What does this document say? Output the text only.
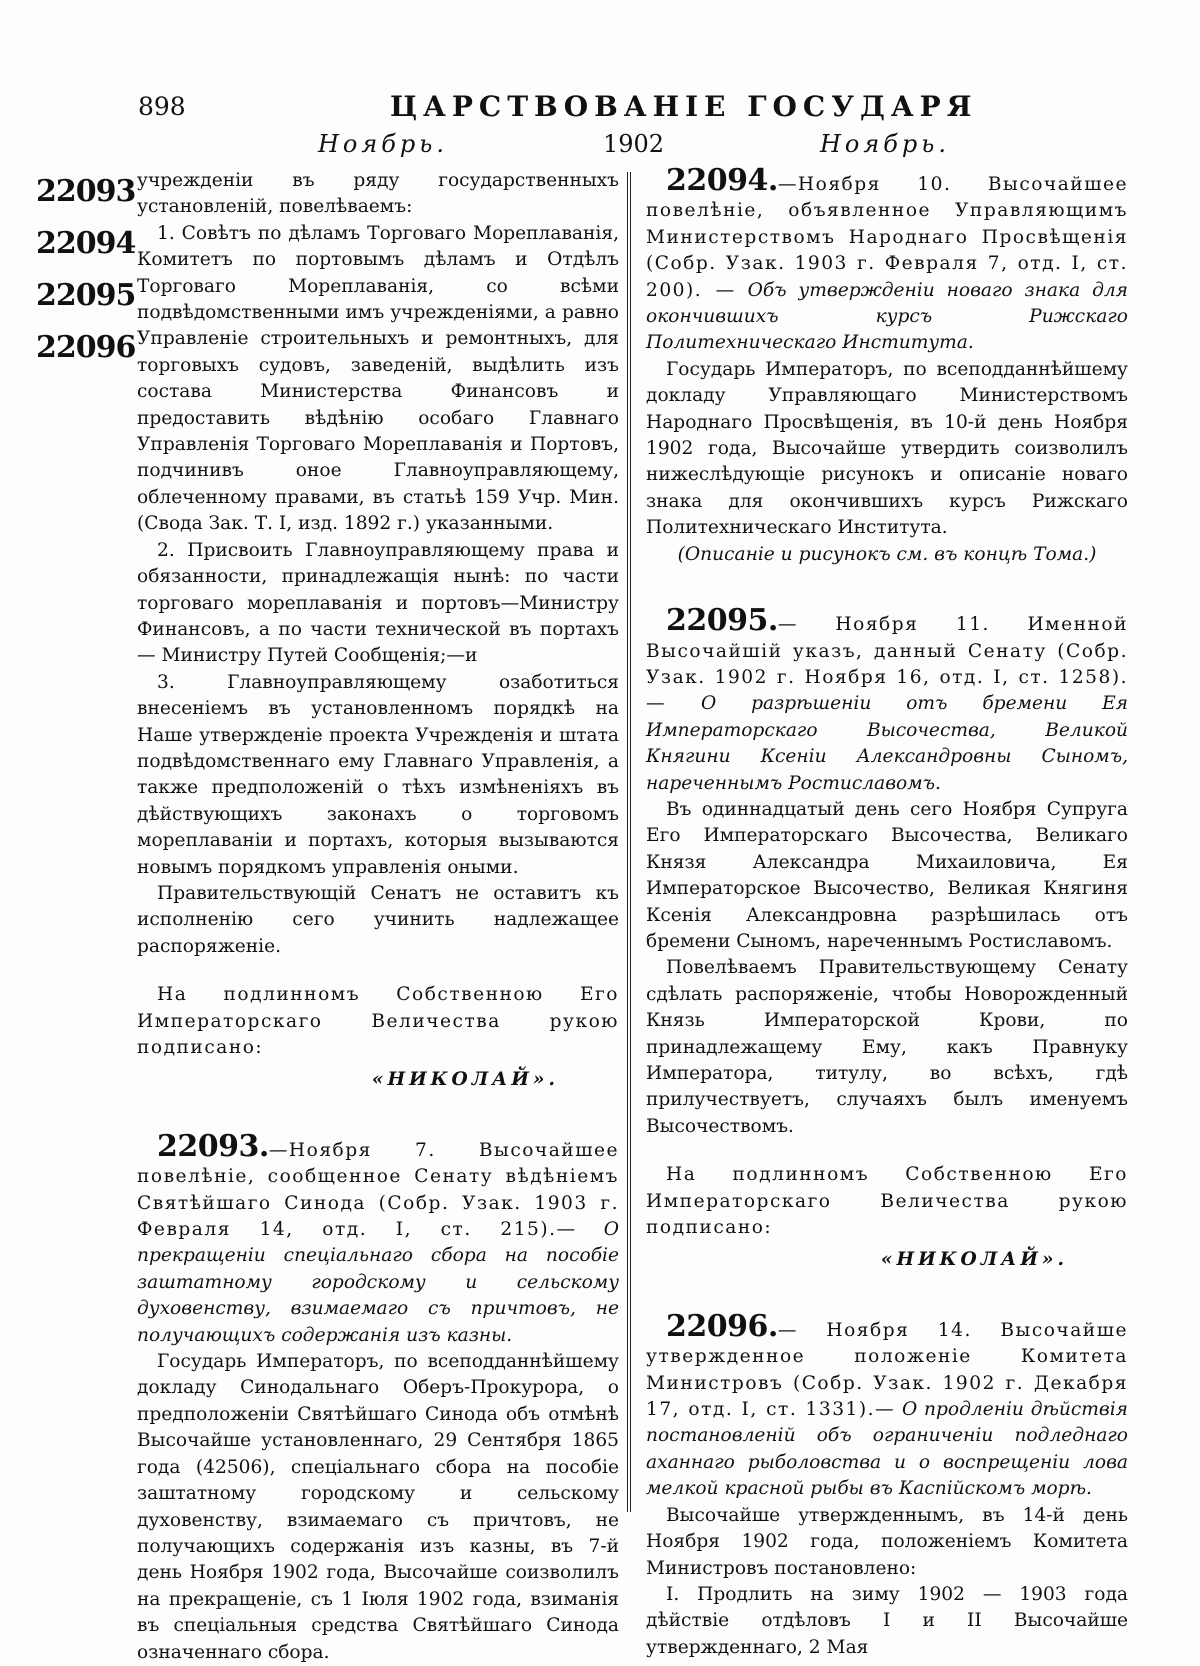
898	ЦАРСТВОВАНІЕ ГОСУДАРЯ
Ноябрь.	1902	Ноябрь.
22093
22094
22095
22096

учрежденіи въ ряду государственныхъ установленій, повелѣваемъ:

1. Совѣтъ по дѣламъ Торговаго Мореплаванія, Комитетъ по портовымъ дѣламъ и Отдѣлъ Торговаго Мореплаванія, со всѣми подвѣдомственными имъ учрежденіями, а равно Управленіе строительныхъ и ремонтныхъ, для торговыхъ судовъ, заведеній, выдѣлить изъ состава Министерства Финансовъ и предоставить вѣдѣнію особаго Главнаго Управленія Торговаго Мореплаванія и Портовъ, подчинивъ оное Главноуправляющему, облеченному правами, въ статьѣ 159 Учр. Мин. (Свода Зак. Т. I, изд. 1892 г.) указанными.

2. Присвоить Главноуправляющему права и обязанности, принадлежащія нынѣ: по части торговаго мореплаванія и портовъ—Министру Финансовъ, а по части технической въ портахъ — Министру Путей Сообщенія;—и

3. Главноуправляющему озаботиться внесеніемъ въ установленномъ порядкѣ на Наше утвержденіе проекта Учрежденія и штата подвѣдомственнаго ему Главнаго Управленія, а также предположеній о тѣхъ измѣненіяхъ въ дѣйствующихъ законахъ о торговомъ мореплаваніи и портахъ, которыя вызываются новымъ порядкомъ управленія оными.

Правительствующій Сенатъ не оставитъ къ исполненію сего учинить надлежащее распоряженіе.

На подлинномъ Собственною Его Императорскаго Величества рукою подписано:

«НИКОЛАЙ».

22093.—Ноября 7. Высочайшее повелѣніе, сообщенное Сенату вѣдѣніемъ Святѣйшаго Синода (Собр. Узак. 1903 г. Февраля 14, отд. I, ст. 215).— О прекращеніи спеціальнаго сбора на пособіе заштатному городскому и сельскому духовенству, взимаемаго съ причтовъ, не получающихъ содержанія изъ казны.

Государь Императоръ, по всеподданнѣйшему докладу Синодальнаго Оберъ-Прокурора, о предположеніи Святѣйшаго Синода объ отмѣнѣ Высочайше установленнаго, 29 Сентября 1865 года (42506), спеціальнаго сбора на пособіе заштатному городскому и сельскому духовенству, взимаемаго съ причтовъ, не получающихъ содержанія изъ казны, въ 7-й день Ноября 1902 года, Высочайше соизволилъ на прекращеніе, съ 1 Іюля 1902 года, взиманія въ спеціальныя средства Святѣйшаго Синода означеннаго сбора.

22094.—Ноября 10. Высочайшее повелѣніе, объявленное Управляющимъ Министерствомъ Народнаго Просвѣщенія (Собр. Узак. 1903 г. Февраля 7, отд. I, ст. 200). — Объ утвержденіи новаго знака для окончившихъ курсъ Рижскаго Политехническаго Института.

Государь Императоръ, по всеподданнѣйшему докладу Управляющаго Министерствомъ Народнаго Просвѣщенія, въ 10-й день Ноября 1902 года, Высочайше утвердить соизволилъ нижеслѣдующіе рисунокъ и описаніе новаго знака для окончившихъ курсъ Рижскаго Политехническаго Института.

(Описаніе и рисунокъ см. въ концѣ Тома.)

22095.— Ноября 11. Именной Высочайшій указъ, данный Сенату (Собр. Узак. 1902 г. Ноября 16, отд. I, ст. 1258). — О разрѣшеніи отъ бремени Ея Императорскаго Высочества, Великой Княгини Ксеніи Александровны Сыномъ, нареченнымъ Ростиславомъ.

Въ одиннадцатый день сего Ноября Супруга Его Императорскаго Высочества, Великаго Князя Александра Михаиловича, Ея Императорское Высочество, Великая Княгиня Ксенія Александровна разрѣшилась отъ бремени Сыномъ, нареченнымъ Ростиславомъ.

Повелѣваемъ Правительствующему Сенату сдѣлать распоряженіе, чтобы Новорожденный Князь Императорской Крови, по принадлежащему Ему, какъ Правнуку Императора, титулу, во всѣхъ, гдѣ прилучествуетъ, случаяхъ былъ именуемъ Высочествомъ.

На подлинномъ Собственною Его Императорскаго Величества рукою подписано:

«НИКОЛАЙ».

22096.— Ноября 14. Высочайше утвержденное положеніе Комитета Министровъ (Собр. Узак. 1902 г. Декабря 17, отд. I, ст. 1331).— О продленіи дѣйствія постановленій объ ограниченіи подледнаго аханнаго рыболовства и о воспрещеніи лова мелкой красной рыбы въ Каспійскомъ морѣ.

Высочайше утвержденнымъ, въ 14-й день Ноября 1902 года, положеніемъ Комитета Министровъ постановлено:

I. Продлить на зиму 1902 — 1903 года дѣйствіе отдѣловъ I и II Высочайше утвержденнаго, 2 Мая
